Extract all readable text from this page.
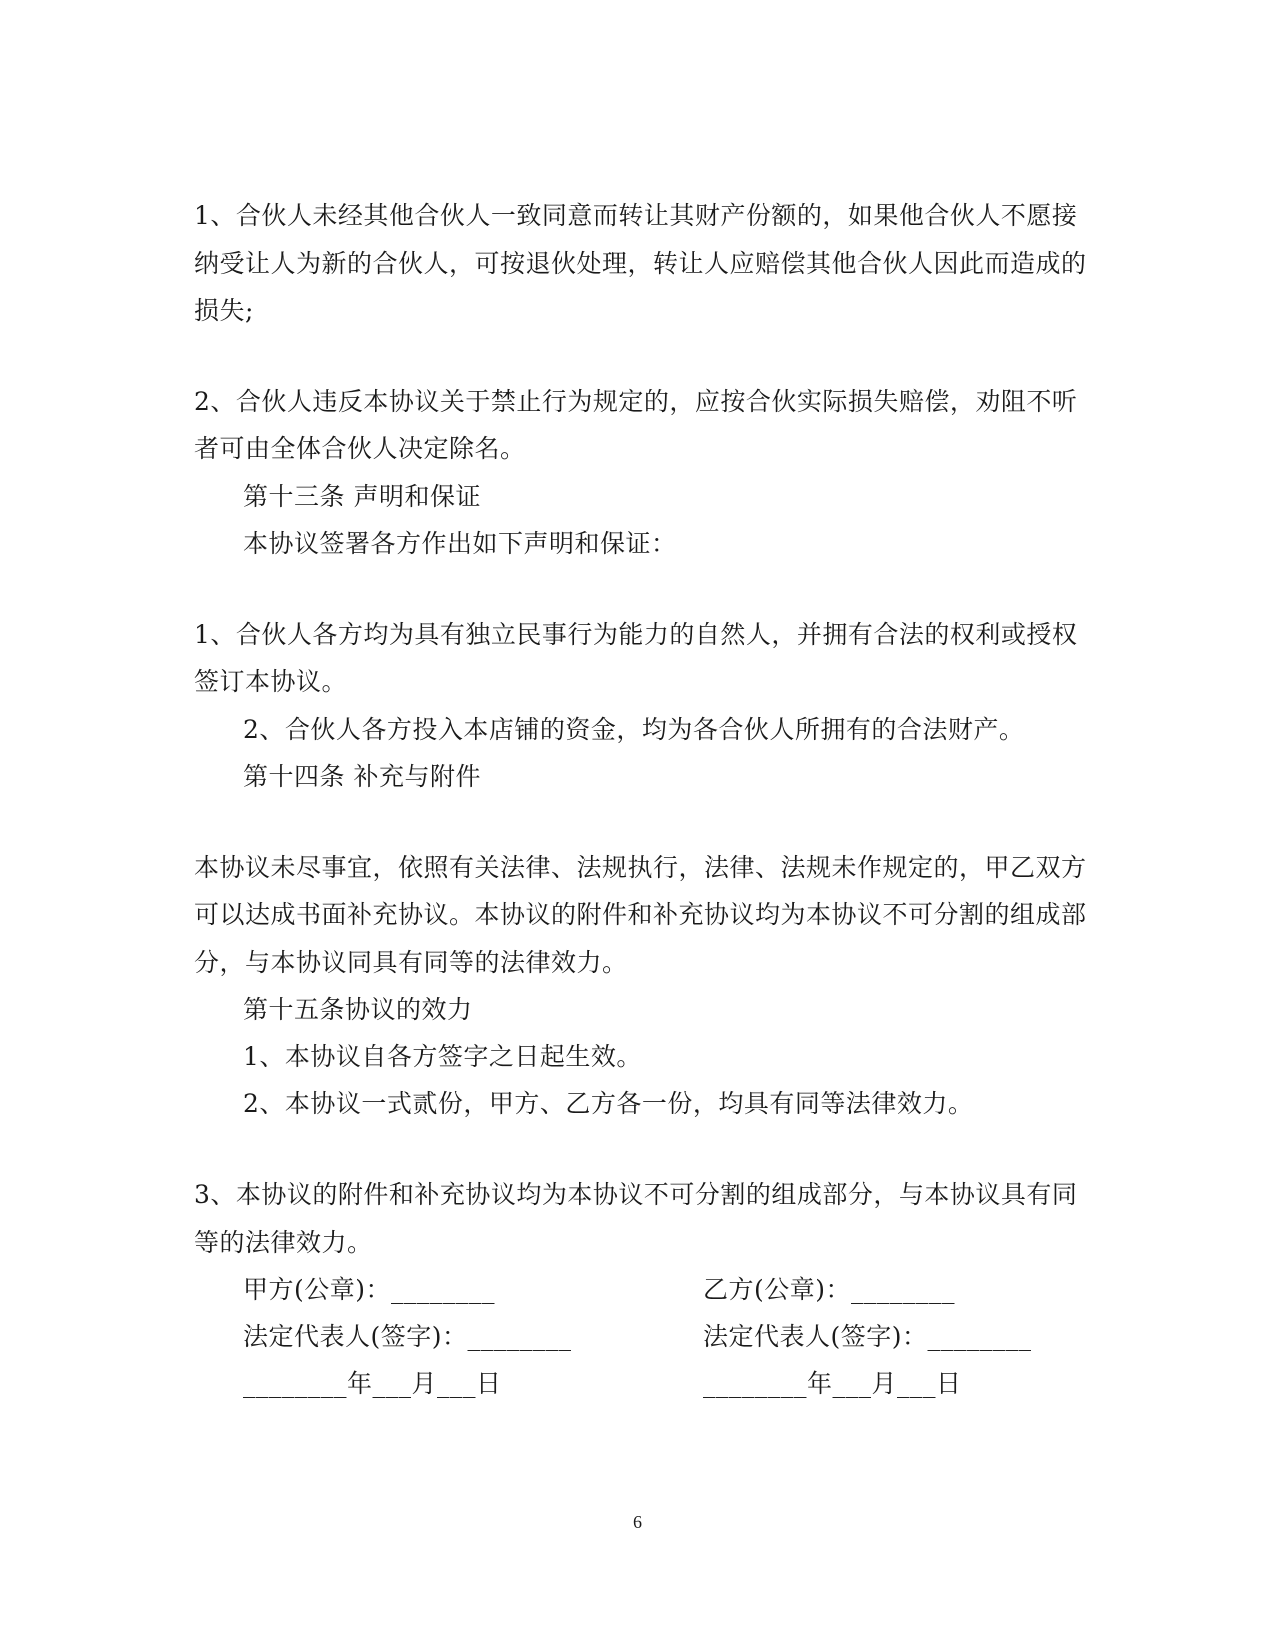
1、合伙人未经其他合伙人一致同意而转让其财产份额的，如果他合伙人不愿接
纳受让人为新的合伙人，可按退伙处理，转让人应赔偿其他合伙人因此而造成的
损失;
2、合伙人违反本协议关于禁止行为规定的，应按合伙实际损失赔偿，劝阻不听
者可由全体合伙人决定除名。
第十三条 声明和保证
本协议签署各方作出如下声明和保证：
1、合伙人各方均为具有独立民事行为能力的自然人，并拥有合法的权利或授权
签订本协议。
2、合伙人各方投入本店铺的资金，均为各合伙人所拥有的合法财产。
第十四条 补充与附件
本协议未尽事宜，依照有关法律、法规执行，法律、法规未作规定的，甲乙双方
可以达成书面补充协议。本协议的附件和补充协议均为本协议不可分割的组成部
分，与本协议同具有同等的法律效力。
第十五条协议的效力
1、本协议自各方签字之日起生效。
2、本协议一式贰份，甲方、乙方各一份，均具有同等法律效力。
3、本协议的附件和补充协议均为本协议不可分割的组成部分，与本协议具有同
等的法律效力。
甲方(公章)：________	乙方(公章)：________
法定代表人(签字)：________	法定代表人(签字)：________
________年___月___日	________年___月___日
6
